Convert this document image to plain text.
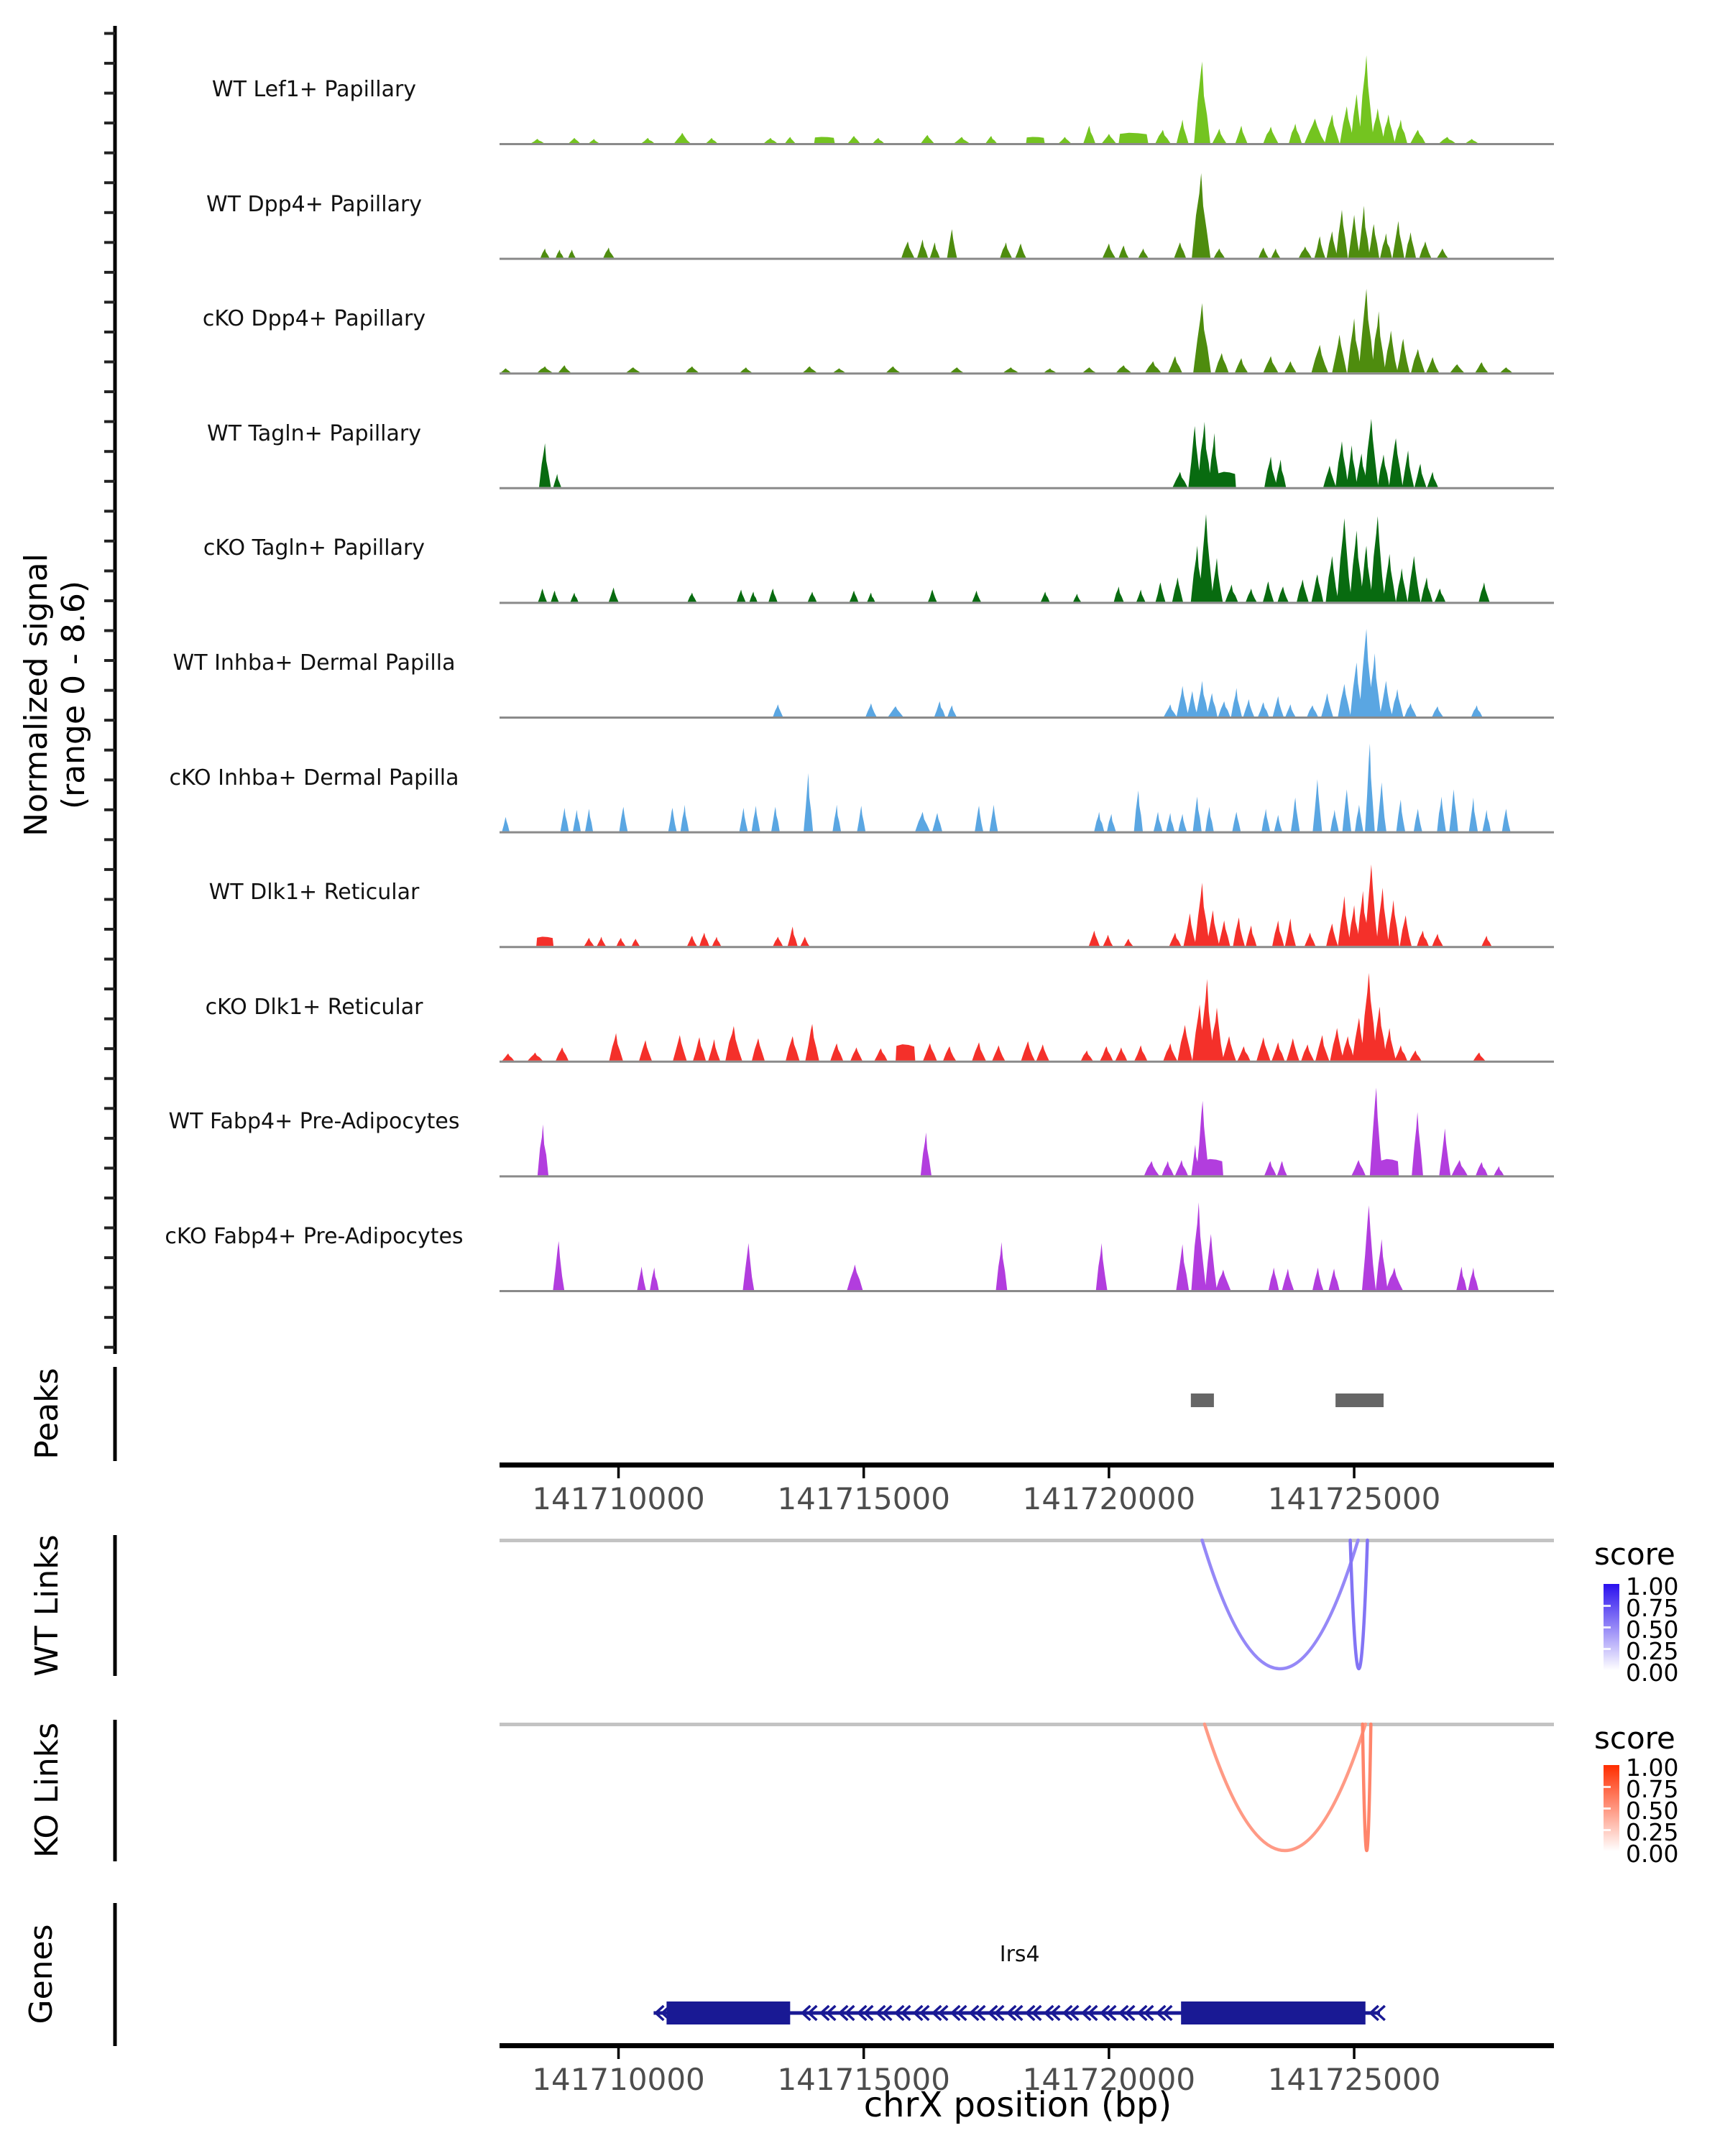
Normalized signal
(range 0 - 8.6)
Peaks
WT Links
KO Links
Genes
WT Lef1+ Papillary
WT Dpp4+ Papillary
cKO Dpp4+ Papillary
WT Tagln+ Papillary
cKO Tagln+ Papillary
WT Inhba+ Dermal Papilla
cKO Inhba+ Dermal Papilla
WT Dlk1+ Reticular
cKO Dlk1+ Reticular
WT Fabp4+ Pre-Adipocytes
cKO Fabp4+ Pre-Adipocytes
141710000 141715000 141720000 141725000
141710000 141715000 141720000 141725000
score
1.00
0.75
0.50
0.25
0.00
score
1.00
0.75
0.50
0.25
0.00
Irs4
chrX position (bp)
